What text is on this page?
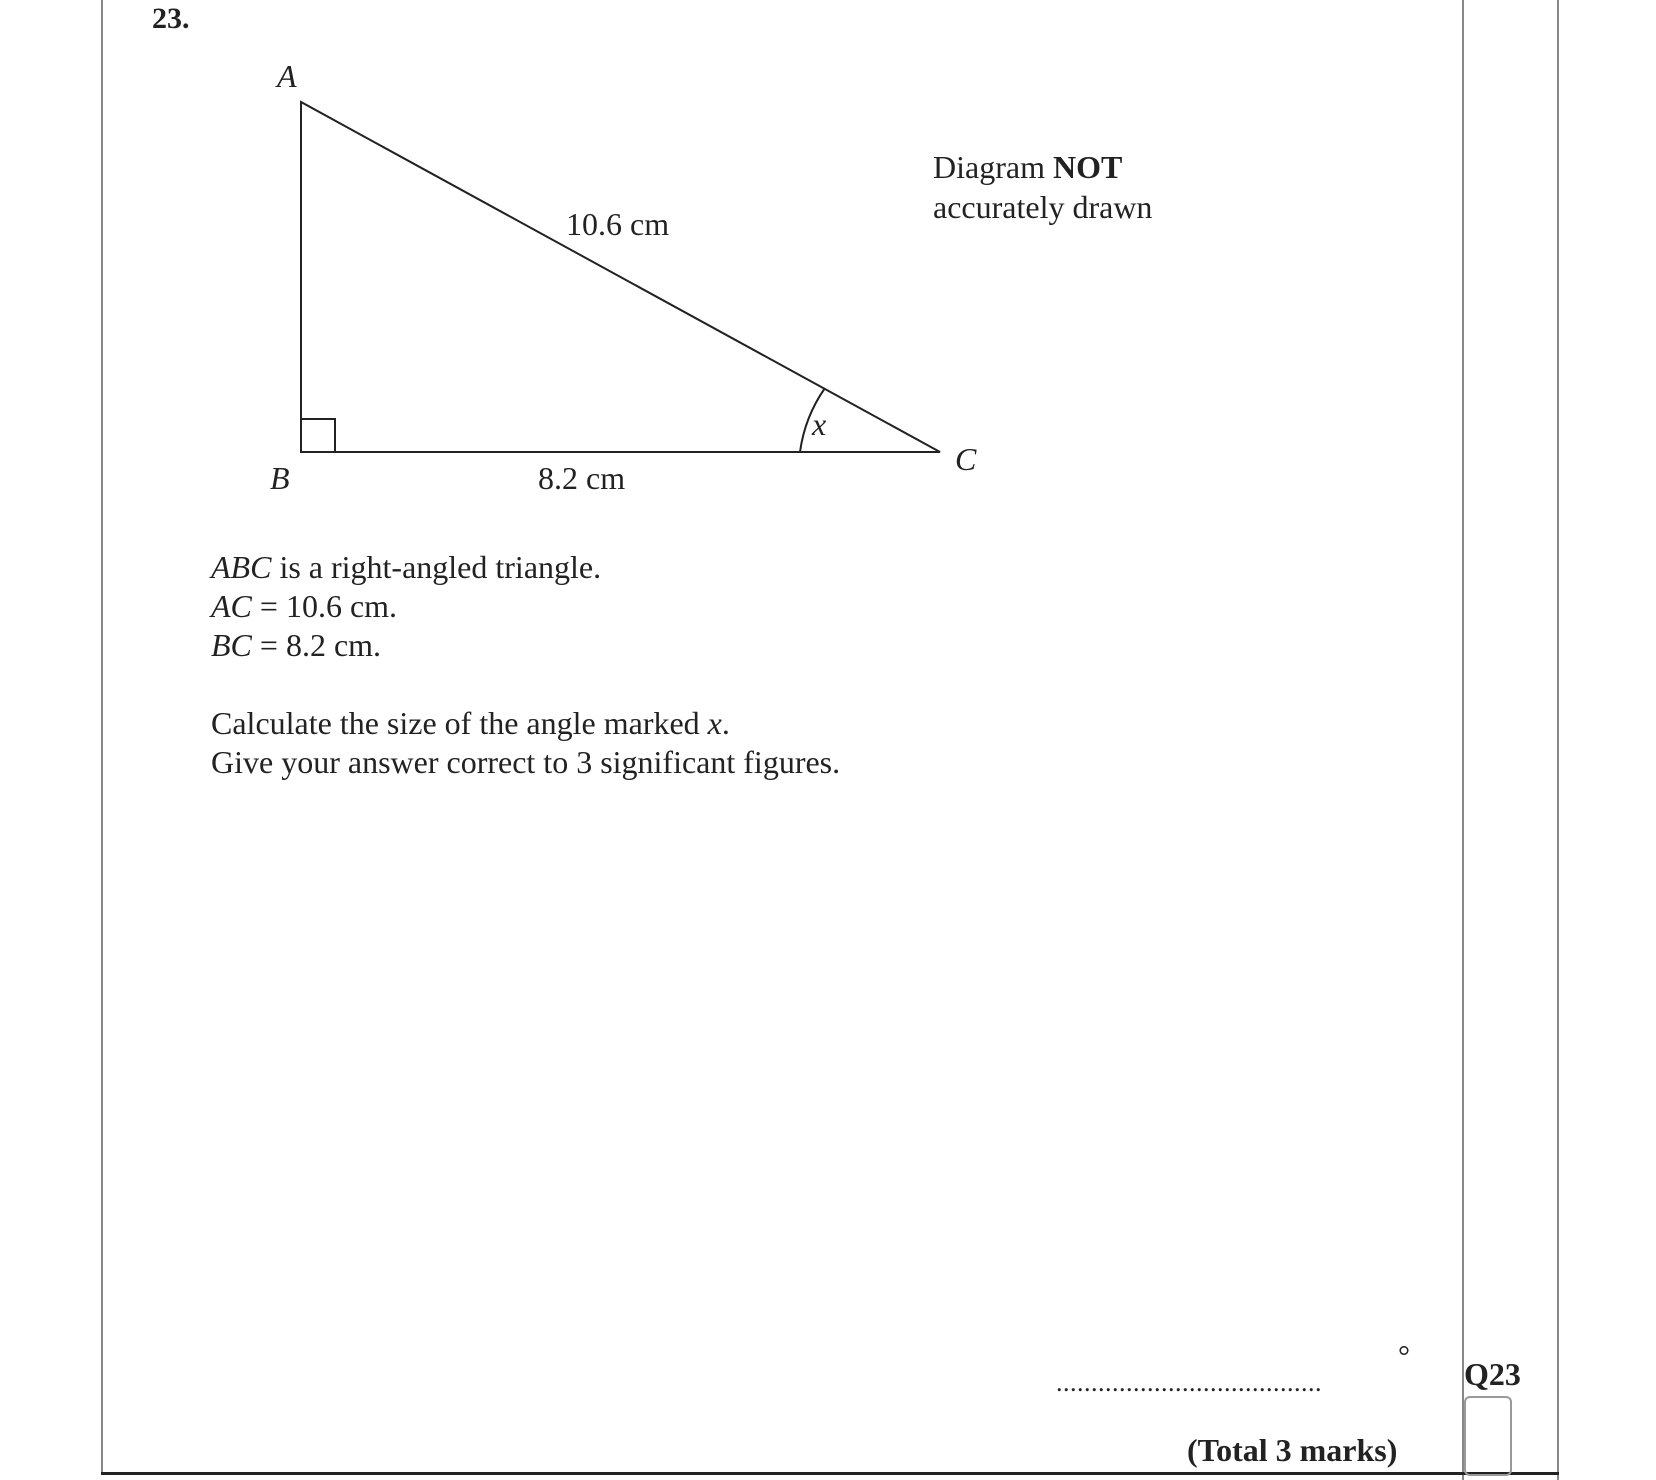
23.
A
B
C
10.6 cm
8.2 cm
x
Diagram NOT
accurately drawn
ABC is a right-angled triangle.
AC = 10.6 cm.
BC = 8.2 cm.
Calculate the size of the angle marked x.
Give your answer correct to 3 significant figures.
......................................
° Q23
(Total 3 marks)
